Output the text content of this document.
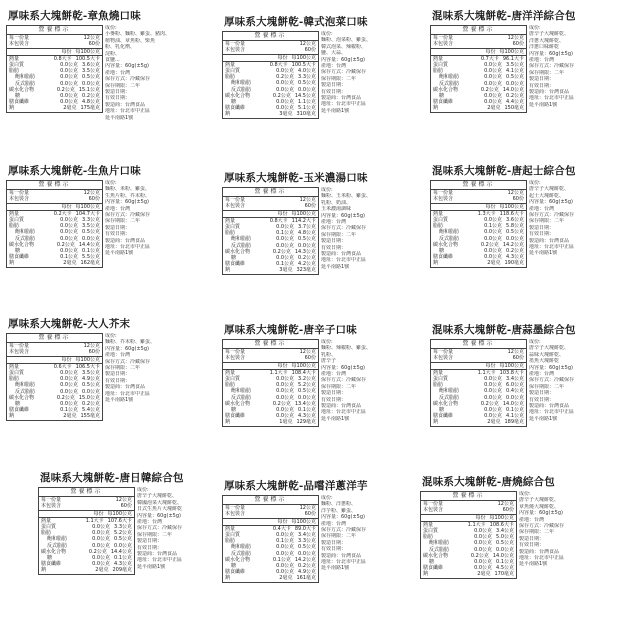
厚味系大塊餅乾-章魚燒口味
營養標示
每一份量	12公克
本包裝含	60份
每份 每100公克
熱量	0.8大卡 100.5大卡
蛋白質	0.0公克 3.6公克
脂肪	0.0公克 3.5公克
飽和脂肪	0.0公克 0.5公克
反式脂肪	0.0公克 0.0公克
碳水化合物	0.2公克 15.1公克
糖	0.0公克 0.2公克
膳食纖維	0.0公克 4.8公克
鈉	2毫克 175毫克
成份:
小麥粉、麵粉、雞蛋、豬肉、
植物油、章魚粉、柴魚
粉、乳化劑、
淀粉、
食鹽...
內容量：60g(±5g)
產地：台灣
保存方式：冷藏保存
保存期限：二年
製造日期：
有效日期：
製造商：台灣食品
地址：台北市中正區
延平南路1號
厚味系大塊餅乾-韓式泡菜口味
營養標示
每一份量	12公克
本包裝含	60份
每份 每100公克
熱量	0.8大卡 100.5大卡
蛋白質	0.0公克 4.0公克
脂肪	0.2公克 3.3公克
飽和脂肪	0.0公克 0.5公克
反式脂肪	0.0公克 0.0公克
碳水化合物	0.2公克 14.5公克
糖	0.0公克 1.1公克
膳食纖維	0.0公克 5.1公克
鈉	3毫克 310毫克
成份:
麵粉、泡菜粉、雞蛋、
韓式泡菜、辣椒粉、
鹽、大蒜、
內容量：60g(±5g)
產地：台灣
保存方式：冷藏保存
保存期限：二年
製造日期：
有效日期：
製造商：台灣食品
地址：台北市中正區
延平南路1號
混味系大塊餅乾-唐洋洋綜合包
營養標示
每一份量	12公克
本包裝含	60份
每份 每100公克
熱量	0.7大卡 96.1大卡
蛋白質	0.0公克 3.5公克
脂肪	0.0公克 4.1公克
飽和脂肪	0.0公克 0.5公克
反式脂肪	0.0公克 0.0公克
碳水化合物	0.2公克 14.0公克
糖	0.0公克 0.2公克
膳食纖維	0.0公克 4.4公克
鈉	2毫克 150毫克
成份:
唐辛子大塊餅乾、
洋蔥大塊餅乾、
洋蔥口味餅乾
內容量：60g(±5g)
產地：台灣
保存方式：冷藏保存
保存期限：二年
製造日期：
有效日期：
製造商：台灣食品
地址：台北市中正區
延平南路1號
厚味系大塊餅乾-生魚片口味
營養標示
每一份量	12公克
本包裝含	60份
每份 每100公克
熱量	0.2大卡 104.7大卡
蛋白質	0.0公克 3.3公克
脂肪	0.0公克 3.5公克
飽和脂肪	0.0公克 0.5公克
反式脂肪	0.0公克 0.0公克
碳水化合物	0.2公克 14.4公克
糖	0.0公克 0.1公克
膳食纖維	0.1公克 5.5公克
鈉	2毫克 162毫克
成份:
麵粉、米粉、雞蛋、
生魚片粉、芥末粉、
內容量：60g(±5g)
產地：台灣
保存方式：冷藏保存
保存期限：二年
製造日期：
有效日期：
製造商：台灣食品
地址：台北市中正區
延平南路1號
厚味系大塊餅乾-玉米濃湯口味
營養標示
每一份量	12公克
本包裝含	60份
每份 每100公克
熱量	0.8大卡 114.2大卡
蛋白質	0.0公克 3.7公克
脂肪	0.1公克 4.8公克
飽和脂肪	0.0公克 0.5公克
反式脂肪	0.0公克 0.0公克
碳水化合物	0.2公克 14.3公克
糖	0.0公克 0.2公克
膳食纖維	0.1公克 4.2公克
鈉	3毫克 323毫克
成份:
麵粉、玉米粉、雞蛋、
乳粉、奶油、
玉米濃湯調味
內容量：60g(±5g)
產地：台灣
保存方式：冷藏保存
保存期限：二年
製造日期：
有效日期：
製造商：台灣食品
地址：台北市中正區
延平南路1號
混味系大塊餅乾-唐起士綜合包
營養標示
每一份量	12公克
本包裝含	60份
每份 每100公克
熱量	1.3大卡 118.6大卡
蛋白質	0.0公克 3.6公克
脂肪	0.1公克 5.8公克
飽和脂肪	0.0公克 0.5公克
反式脂肪	0.0公克 0.0公克
碳水化合物	0.2公克 14.2公克
糖	0.0公克 0.2公克
膳食纖維	0.0公克 4.3公克
鈉	2毫克 190毫克
成份:
唐辛子大塊餅乾、
起士大塊餅乾、
內容量：60g(±5g)
產地：台灣
保存方式：冷藏保存
保存期限：二年
製造日期：
有效日期：
製造商：台灣食品
地址：台北市中正區
延平南路1號
厚味系大塊餅乾-大人芥末
營養標示
每一份量	12公克
本包裝含	60份
每份 每100公克
熱量	0.6大卡 106.5大卡
蛋白質	0.0公克 3.5公克
脂肪	0.0公克 4.9公克
飽和脂肪	0.0公克 0.5公克
反式脂肪	0.0公克 0.0公克
碳水化合物	0.2公克 15.0公克
糖	0.0公克 0.2公克
膳食纖維	0.1公克 5.4公克
鈉	2毫克 155毫克
成份:
麵粉、芥末粉、雞蛋、
內容量：60g(±5g)
產地：台灣
保存方式：冷藏保存
保存期限：二年
製造日期：
有效日期：
製造商：台灣食品
地址：台北市中正區
延平南路1號
厚味系大塊餅乾-唐辛子口味
營養標示
每一份量	12公克
本包裝含	60份
每份 每100公克
熱量	1.1大卡 108.4大卡
蛋白質	0.0公克 3.2公克
脂肪	0.0公克 5.2公克
飽和脂肪	0.0公克 0.5公克
反式脂肪	0.0公克 0.0公克
碳水化合物	0.2公克 13.4公克
糖	0.0公克 0.1公克
膳食纖維	0.0公克 4.3公克
鈉	1毫克 129毫克
成份:
麵粉、辣椒粉、雞蛋、
乳粉、
唐辛子
內容量：60g(±5g)
產地：台灣
保存方式：冷藏保存
保存期限：二年
製造日期：
有效日期：
製造商：台灣食品
地址：台北市中正區
延平南路1號
混味系大塊餅乾-唐蒜墨綜合包
營養標示
每一份量	12公克
本包裝含	60份
每份 每100公克
熱量	1.1大卡 103.8大卡
蛋白質	0.0公克 3.4公克
脂肪	0.0公克 6.0公克
飽和脂肪	0.0公克 0.4公克
反式脂肪	0.0公克 0.0公克
碳水化合物	0.2公克 14.0公克
糖	0.0公克 0.1公克
膳食纖維	0.0公克 4.1公克
鈉	2毫克 189毫克
成份:
唐辛子大塊餅乾、
蒜味大塊餅乾、
墨魚大塊餅乾
內容量：60g(±5g)
產地：台灣
保存方式：冷藏保存
保存期限：二年
製造日期：
有效日期：
製造商：台灣食品
地址：台北市中正區
延平南路1號
混味系大塊餅乾-唐日韓綜合包
營養標示
每一份量	12公克
本包裝含	60份
每份 每100公克
熱量	1.1大卡 107.6大卡
蛋白質	0.0公克 3.3公克
脂肪	0.0公克 5.2公克
飽和脂肪	0.0公克 0.5公克
反式脂肪	0.0公克 0.0公克
碳水化合物	0.2公克 14.4公克
糖	0.0公克 0.1公克
膳食纖維	0.0公克 4.3公克
鈉	2毫克 209毫克
成份:
唐辛子大塊餅乾、
韓國泡菜大塊餅乾、
日式生魚片大塊餅乾
內容量：60g(±5g)
產地：台灣
保存方式：冷藏保存
保存期限：二年
製造日期：
有效日期：
製造商：台灣食品
地址：台北市中正區
延平南路1號
厚味系大塊餅乾-品嚐洋蔥洋芋
營養標示
每一份量	12公克
本包裝含	60份
每份 每100公克
熱量	0.4大卡 89.0大卡
蛋白質	0.0公克 3.4公克
脂肪	0.1公克 3.3公克
飽和脂肪	0.0公克 0.5公克
反式脂肪	0.0公克 0.0公克
碳水化合物	0.1公克 14.2公克
糖	0.0公克 0.2公克
膳食纖維	0.0公克 4.9公克
鈉	2毫克 161毫克
成份:
麵粉、洋蔥粉、
洋芋粉、雞蛋、
內容量：60g(±5g)
產地：台灣
保存方式：冷藏保存
保存期限：二年
製造日期：
有效日期：
製造商：台灣食品
地址：台北市中正區
延平南路1號
混味系大塊餅乾-唐燒綜合包
營養標示
每一份量	12公克
本包裝含	60份
每份 每100公克
熱量	1.1大卡 108.6大卡
蛋白質	0.0公克 3.4公克
脂肪	0.0公克 5.0公克
飽和脂肪	0.0公克 0.5公克
反式脂肪	0.0公克 0.0公克
碳水化合物	0.2公克 14.0公克
糖	0.0公克 0.1公克
膳食纖維	0.0公克 4.5公克
鈉	2毫克 170毫克
成份:
唐辛子大塊餅乾、
章魚燒大塊餅乾、
內容量：60g(±5g)
產地：台灣
保存方式：冷藏保存
保存期限：二年
製造日期：
有效日期：
製造商：台灣食品
地址：台北市中正區
延平南路1號
